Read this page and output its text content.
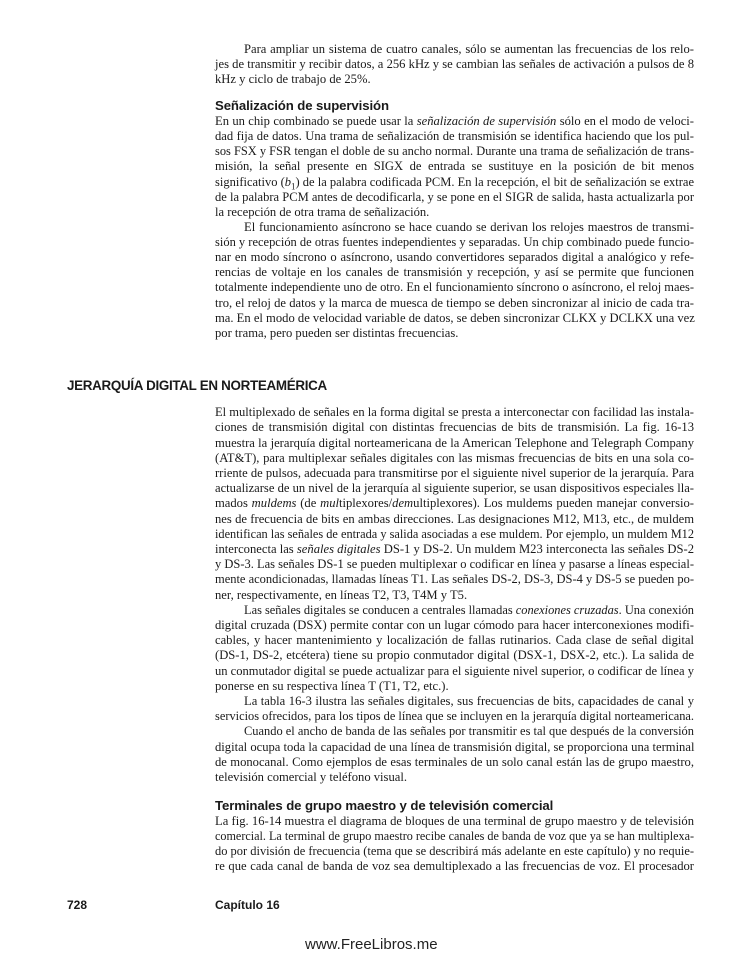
Para ampliar un sistema de cuatro canales, sólo se aumentan las frecuencias de los relo-
jes de transmitir y recibir datos, a 256 kHz y se cambian las señales de activación a pulsos de 8
kHz y ciclo de trabajo de 25%.
Señalización de supervisión
En un chip combinado se puede usar la señalización de supervisión sólo en el modo de veloci-
dad fija de datos. Una trama de señalización de transmisión se identifica haciendo que los pul-
sos FSX y FSR tengan el doble de su ancho normal. Durante una trama de señalización de trans-
misión, la señal presente en SIGX de entrada se sustituye en la posición de bit menos
significativo $(b_1)$ de la palabra codificada PCM. En la recepción, el bit de señalización se extrae
de la palabra PCM antes de decodificarla, y se pone en el SIGR de salida, hasta actualizarla por
la recepción de otra trama de señalización.
El funcionamiento asíncrono se hace cuando se derivan los relojes maestros de transmi-
sión y recepción de otras fuentes independientes y separadas. Un chip combinado puede funcio-
nar en modo síncrono o asíncrono, usando convertidores separados digital a analógico y refe-
rencias de voltaje en los canales de transmisión y recepción, y así se permite que funcionen
totalmente independiente uno de otro. En el funcionamiento síncrono o asíncrono, el reloj maes-
tro, el reloj de datos y la marca de muesca de tiempo se deben sincronizar al inicio de cada tra-
ma. En el modo de velocidad variable de datos, se deben sincronizar CLKX y DCLKX una vez
por trama, pero pueden ser distintas frecuencias.
JERARQUÍA DIGITAL EN NORTEAMÉRICA
El multiplexado de señales en la forma digital se presta a interconectar con facilidad las instala-
ciones de transmisión digital con distintas frecuencias de bits de transmisión. La fig. 16-13
muestra la jerarquía digital norteamericana de la American Telephone and Telegraph Company
(AT&T), para multiplexar señales digitales con las mismas frecuencias de bits en una sola co-
rriente de pulsos, adecuada para transmitirse por el siguiente nivel superior de la jerarquía. Para
actualizarse de un nivel de la jerarquía al siguiente superior, se usan dispositivos especiales lla-
mados muldems (de multiplexores/demultiplexores). Los muldems pueden manejar conversio-
nes de frecuencia de bits en ambas direcciones. Las designaciones M12, M13, etc., de muldem
identifican las señales de entrada y salida asociadas a ese muldem. Por ejemplo, un muldem M12
interconecta las señales digitales DS-1 y DS-2. Un muldem M23 interconecta las señales DS-2
y DS-3. Las señales DS-1 se pueden multiplexar o codificar en línea y pasarse a líneas especial-
mente acondicionadas, llamadas líneas T1. Las señales DS-2, DS-3, DS-4 y DS-5 se pueden po-
ner, respectivamente, en líneas T2, T3, T4M y T5.
Las señales digitales se conducen a centrales llamadas conexiones cruzadas. Una conexión
digital cruzada (DSX) permite contar con un lugar cómodo para hacer interconexiones modifi-
cables, y hacer mantenimiento y localización de fallas rutinarios. Cada clase de señal digital
(DS-1, DS-2, etcétera) tiene su propio conmutador digital (DSX-1, DSX-2, etc.). La salida de
un conmutador digital se puede actualizar para el siguiente nivel superior, o codificar de línea y
ponerse en su respectiva línea T (T1, T2, etc.).
La tabla 16-3 ilustra las señales digitales, sus frecuencias de bits, capacidades de canal y
servicios ofrecidos, para los tipos de línea que se incluyen en la jerarquía digital norteamericana.
Cuando el ancho de banda de las señales por transmitir es tal que después de la conversión
digital ocupa toda la capacidad de una línea de transmisión digital, se proporciona una terminal
de monocanal. Como ejemplos de esas terminales de un solo canal están las de grupo maestro,
televisión comercial y teléfono visual.
Terminales de grupo maestro y de televisión comercial
La fig. 16-14 muestra el diagrama de bloques de una terminal de grupo maestro y de televisión
comercial. La terminal de grupo maestro recibe canales de banda de voz que ya se han multiplexa-
do por división de frecuencia (tema que se describirá más adelante en este capítulo) y no requie-
re que cada canal de banda de voz sea demultiplexado a las frecuencias de voz. El procesador
728	Capítulo 16
www.FreeLibros.me
